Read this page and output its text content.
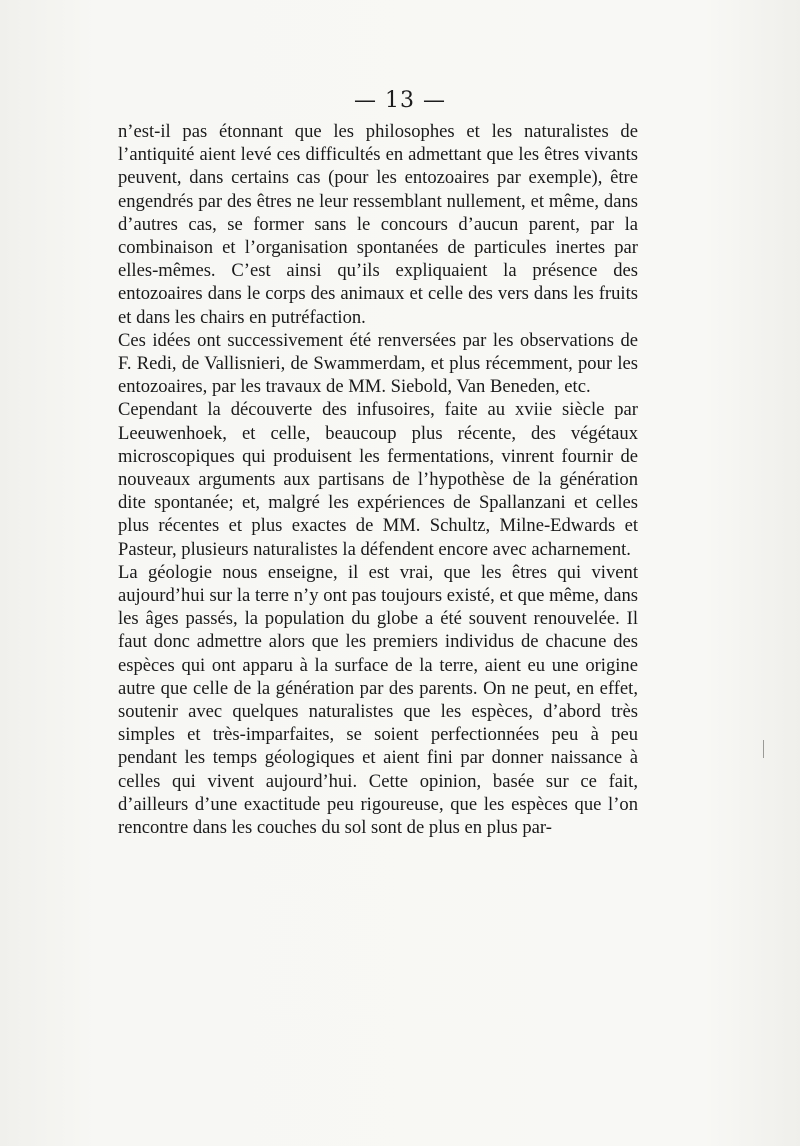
— 13 —

n’est-il pas étonnant que les philosophes et les naturalistes de l’antiquité aient levé ces difficultés en admettant que les êtres vivants peuvent, dans certains cas (pour les entozoaires par exemple), être engendrés par des êtres ne leur ressemblant nullement, et même, dans d’autres cas, se former sans le concours d’aucun parent, par la combinaison et l’organisation spontanées de particules inertes par elles-mêmes. C’est ainsi qu’ils expliquaient la présence des entozoaires dans le corps des animaux et celle des vers dans les fruits et dans les chairs en putréfaction.

Ces idées ont successivement été renversées par les observations de F. Redi, de Vallisnieri, de Swammerdam, et plus récemment, pour les entozoaires, par les travaux de MM. Siebold, Van Beneden, etc.

Cependant la découverte des infusoires, faite au xviie siècle par Leeuwenhoek, et celle, beaucoup plus récente, des végétaux microscopiques qui produisent les fermentations, vinrent fournir de nouveaux arguments aux partisans de l’hypothèse de la génération dite spontanée; et, malgré les expériences de Spallanzani et celles plus récentes et plus exactes de MM. Schultz, Milne-Edwards et Pasteur, plusieurs naturalistes la défendent encore avec acharnement.

La géologie nous enseigne, il est vrai, que les êtres qui vivent aujourd’hui sur la terre n’y ont pas toujours existé, et que même, dans les âges passés, la population du globe a été souvent renouvelée. Il faut donc admettre alors que les premiers individus de chacune des espèces qui ont apparu à la surface de la terre, aient eu une origine autre que celle de la génération par des parents. On ne peut, en effet, soutenir avec quelques naturalistes que les espèces, d’abord très simples et très-imparfaites, se soient perfectionnées peu à peu pendant les temps géologiques et aient fini par donner naissance à celles qui vivent aujourd’hui. Cette opinion, basée sur ce fait, d’ailleurs d’une exactitude peu rigoureuse, que les espèces que l’on rencontre dans les couches du sol sont de plus en plus par-
